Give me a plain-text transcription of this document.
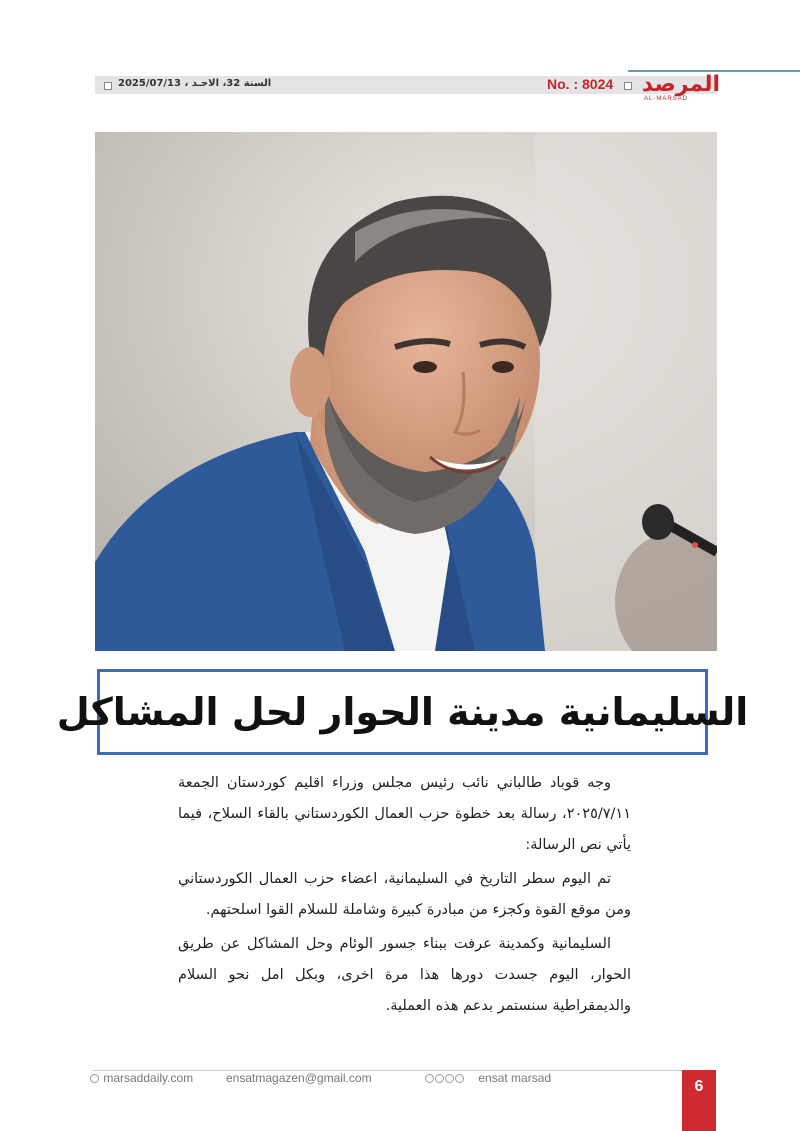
السنة 32، الاحـد ، 2025/07/13	No. : 8024 المرصد
AL-MARSAD
السليمانية مدينة الحوار لحل المشاكل

وجه قوباد طالباني نائب رئيس مجلس وزراء اقليم كوردستان الجمعة ٢٠٢٥/٧/١١، رسالة بعد خطوة حزب العمال الكوردستاني بالقاء السلاح، فيما يأتي نص الرسالة:

تم اليوم سطر التاريخ في السليمانية، اعضاء حزب العمال الكوردستاني ومن موقع القوة وكجزء من مبادرة كبيرة وشاملة للسلام القوا اسلحتهم.

السليمانية وكمدينة عرفت ببناء جسور الوئام وحل المشاكل عن طريق الحوار، اليوم جسدت دورها هذا مرة اخرى، وبكل امل نحو السلام والديمقراطية سنستمر بدعم هذه العملية.

marsaddaily.com	ensatmagazen@gmail.com	ensat marsad	6
